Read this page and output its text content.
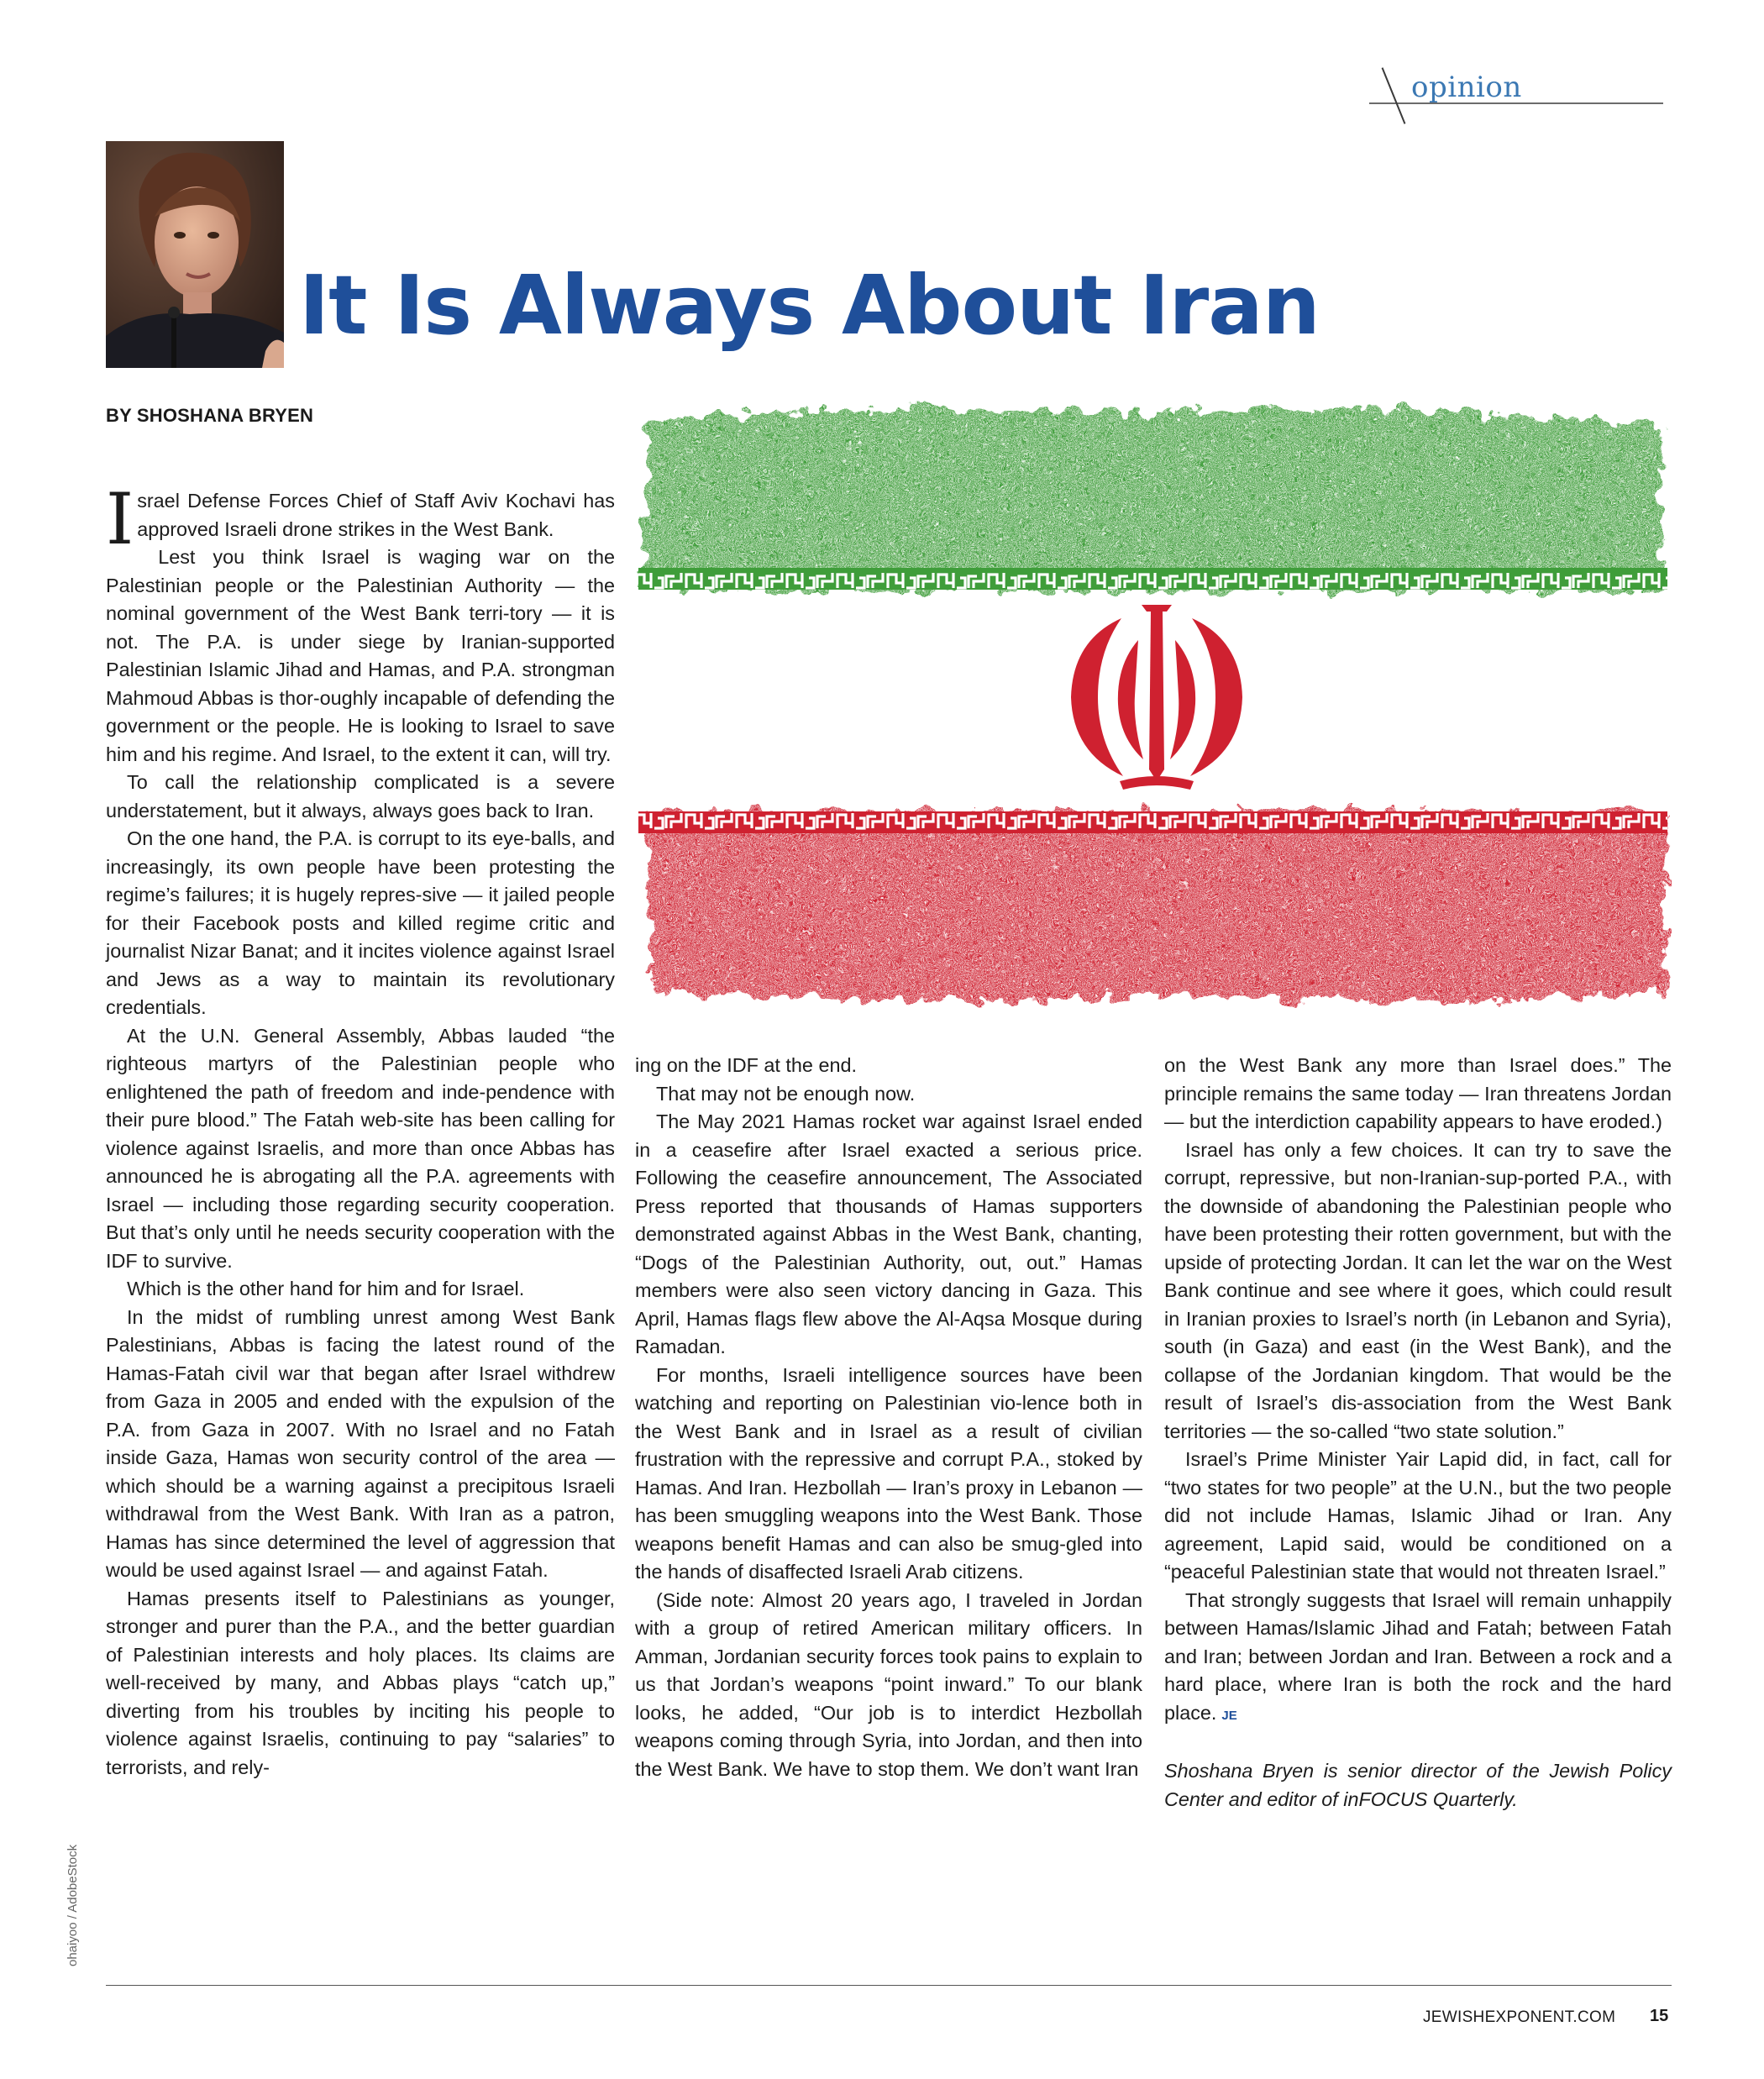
opinion
It Is Always About Iran
BY SHOSHANA BRYEN

Israel Defense Forces Chief of Staff Aviv Kochavi has approved Israeli drone strikes in the West Bank.

Lest you think Israel is waging war on the Palestinian people or the Palestinian Authority — the nominal government of the West Bank terri-tory — it is not. The P.A. is under siege by Iranian-supported Palestinian Islamic Jihad and Hamas, and P.A. strongman Mahmoud Abbas is thor-oughly incapable of defending the government or the people. He is looking to Israel to save him and his regime. And Israel, to the extent it can, will try.

To call the relationship complicated is a severe understatement, but it always, always goes back to Iran.

On the one hand, the P.A. is corrupt to its eye-balls, and increasingly, its own people have been protesting the regime’s failures; it is hugely repres-sive — it jailed people for their Facebook posts and killed regime critic and journalist Nizar Banat; and it incites violence against Israel and Jews as a way to maintain its revolutionary credentials.

At the U.N. General Assembly, Abbas lauded “the righteous martyrs of the Palestinian people who enlightened the path of freedom and inde-pendence with their pure blood.” The Fatah web-site has been calling for violence against Israelis, and more than once Abbas has announced he is abrogating all the P.A. agreements with Israel — including those regarding security cooperation. But that’s only until he needs security cooperation with the IDF to survive.

Which is the other hand for him and for Israel.

In the midst of rumbling unrest among West Bank Palestinians, Abbas is facing the latest round of the Hamas-Fatah civil war that began after Israel withdrew from Gaza in 2005 and ended with the expulsion of the P.A. from Gaza in 2007. With no Israel and no Fatah inside Gaza, Hamas won security control of the area — which should be a warning against a precipitous Israeli withdrawal from the West Bank. With Iran as a patron, Hamas has since determined the level of aggression that would be used against Israel — and against Fatah.

Hamas presents itself to Palestinians as younger, stronger and purer than the P.A., and the better guardian of Palestinian interests and holy places. Its claims are well-received by many, and Abbas plays “catch up,” diverting from his troubles by inciting his people to violence against Israelis, continuing to pay “salaries” to terrorists, and rely-

ing on the IDF at the end.

That may not be enough now.

The May 2021 Hamas rocket war against Israel ended in a ceasefire after Israel exacted a serious price. Following the ceasefire announcement, The Associated Press reported that thousands of Hamas supporters demonstrated against Abbas in the West Bank, chanting, “Dogs of the Palestinian Authority, out, out.” Hamas members were also seen victory dancing in Gaza. This April, Hamas flags flew above the Al-Aqsa Mosque during Ramadan.

For months, Israeli intelligence sources have been watching and reporting on Palestinian vio-lence both in the West Bank and in Israel as a result of civilian frustration with the repressive and corrupt P.A., stoked by Hamas. And Iran. Hezbollah — Iran’s proxy in Lebanon — has been smuggling weapons into the West Bank. Those weapons benefit Hamas and can also be smug-gled into the hands of disaffected Israeli Arab citizens.

(Side note: Almost 20 years ago, I traveled in Jordan with a group of retired American military officers. In Amman, Jordanian security forces took pains to explain to us that Jordan’s weapons “point inward.” To our blank looks, he added, “Our job is to interdict Hezbollah weapons coming through Syria, into Jordan, and then into the West Bank. We have to stop them. We don’t want Iran

on the West Bank any more than Israel does.” The principle remains the same today — Iran threatens Jordan — but the interdiction capability appears to have eroded.)

Israel has only a few choices. It can try to save the corrupt, repressive, but non-Iranian-sup-ported P.A., with the downside of abandoning the Palestinian people who have been protesting their rotten government, but with the upside of protecting Jordan. It can let the war on the West Bank continue and see where it goes, which could result in Iranian proxies to Israel’s north (in Lebanon and Syria), south (in Gaza) and east (in the West Bank), and the collapse of the Jordanian kingdom. That would be the result of Israel’s dis-association from the West Bank territories — the so-called “two state solution.”

Israel’s Prime Minister Yair Lapid did, in fact, call for “two states for two people” at the U.N., but the two people did not include Hamas, Islamic Jihad or Iran. Any agreement, Lapid said, would be conditioned on a “peaceful Palestinian state that would not threaten Israel.”

That strongly suggests that Israel will remain unhappily between Hamas/Islamic Jihad and Fatah; between Fatah and Iran; between Jordan and Iran. Between a rock and a hard place, where Iran is both the rock and the hard place. JE

Shoshana Bryen is senior director of the Jewish Policy Center and editor of inFOCUS Quarterly.

ohaiyoo / AdobeStock
JEWISHEXPONENT.COM 15
